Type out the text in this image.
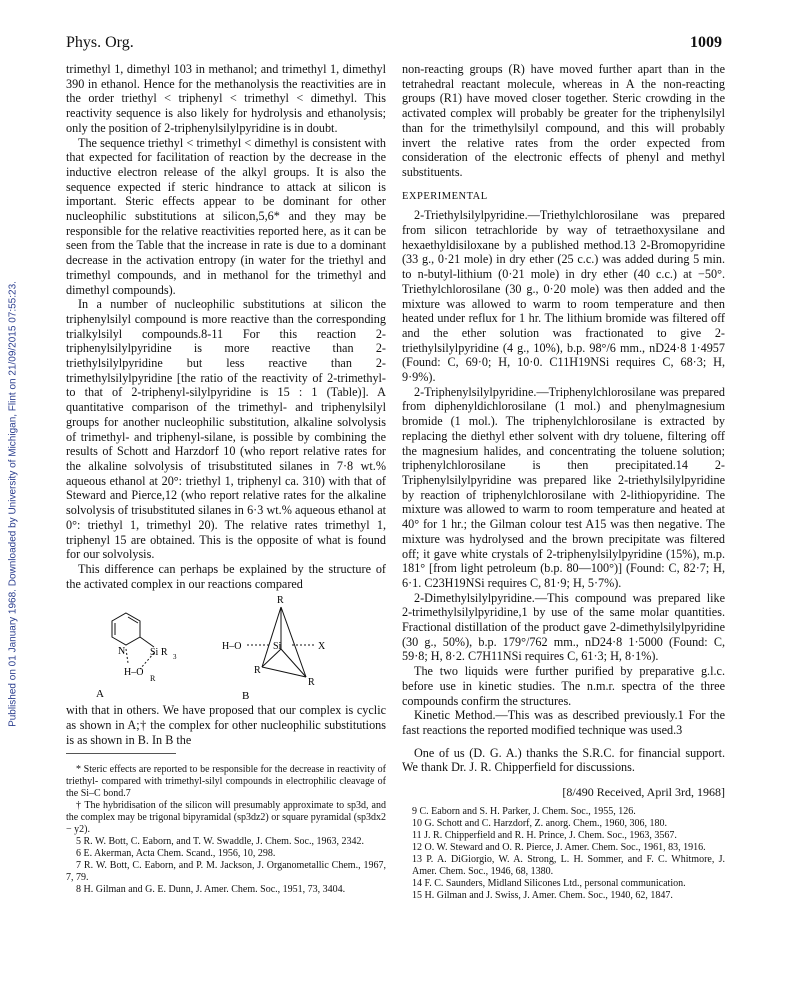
Phys. Org.	1009
Published on 01 January 1968. Downloaded by University of Michigan, Flint on 21/09/2015 07:55:23.

trimethyl 1, dimethyl 103 in methanol; and trimethyl 1, dimethyl 390 in ethanol. Hence for the methanolysis the reactivities are in the order triethyl < triphenyl < trimethyl < dimethyl. This reactivity sequence is also likely for hydrolysis and ethanolysis; only the position of 2-triphenylsilylpyridine is in doubt.

The sequence triethyl < trimethyl < dimethyl is consistent with that expected for facilitation of reaction by the decrease in the inductive electron release of the alkyl groups. It is also the sequence expected if steric hindrance to attack at silicon is important. Steric effects appear to be dominant for other nucleophilic substitutions at silicon,5,6* and they may be responsible for the relative reactivities reported here, as it can be seen from the Table that the increase in rate is due to a dominant decrease in the activation entropy (in water for the triethyl and trimethyl compounds, and in methanol for the trimethyl and dimethyl compounds).

In a number of nucleophilic substitutions at silicon the triphenylsilyl compound is more reactive than the corresponding trialkylsilyl compounds.8-11 For this reaction 2-triphenylsilylpyridine is more reactive than 2-triethylsilylpyridine but less reactive than 2-trimethylsilylpyridine [the ratio of the reactivity of 2-trimethyl- to that of 2-triphenyl-silylpyridine is 15 : 1 (Table)]. A quantitative comparison of the trimethyl- and triphenylsilyl groups for another nucleophilic substitution, alkaline solvolysis of trimethyl- and triphenyl-silane, is possible by combining the results of Schott and Harzdorf 10 (who report relative rates for the alkaline solvolysis of trisubstituted silanes in 7·8 wt.% aqueous ethanol at 20°: triethyl 1, triphenyl ca. 310) with that of Steward and Pierce,12 (who report relative rates for the alkaline solvolysis of trisubstituted silanes in 6·3 wt.% aqueous ethanol at 0°: triethyl 1, trimethyl 20). The relative rates trimethyl 1, triphenyl 15 are obtained. This is the opposite of what is found for our solvolysis.

This difference can perhaps be explained by the structure of the activated complex in our reactions compared

N Si R 3
H–O
R
A
R
H–O	Si	X
R
R
B

with that in others. We have proposed that our complex is cyclic as shown in A;† the complex for other nucleophilic substitutions is as shown in B. In B the

* Steric effects are reported to be responsible for the decrease in reactivity of triethyl- compared with trimethyl-silyl compounds in electrophilic cleavage of the Si–C bond.7

† The hybridisation of the silicon will presumably approximate to sp3d, and the complex may be trigonal bipyramidal (sp3dz2) or square pyramidal (sp3dx2 − y2).

5 R. W. Bott, C. Eaborn, and T. W. Swaddle, J. Chem. Soc., 1963, 2342.

6 E. Akerman, Acta Chem. Scand., 1956, 10, 298.

7 R. W. Bott, C. Eaborn, and P. M. Jackson, J. Organometallic Chem., 1967, 7, 79.

8 H. Gilman and G. E. Dunn, J. Amer. Chem. Soc., 1951, 73, 3404.

non-reacting groups (R) have moved further apart than in the tetrahedral reactant molecule, whereas in A the non-reacting groups (R1) have moved closer together. Steric crowding in the activated complex will probably be greater for the triphenylsilyl than for the trimethylsilyl compound, and this will probably invert the relative rates from the order expected from consideration of the electronic effects of phenyl and methyl substituents.

EXPERIMENTAL

2-Triethylsilylpyridine.—Triethylchlorosilane was prepared from silicon tetrachloride by way of tetraethoxysilane and hexaethyldisiloxane by a published method.13 2-Bromopyridine (33 g., 0·21 mole) in dry ether (25 c.c.) was added during 5 min. to n-butyl-lithium (0·21 mole) in dry ether (40 c.c.) at −50°. Triethylchlorosilane (30 g., 0·20 mole) was then added and the mixture was allowed to warm to room temperature and then heated under reflux for 1 hr. The lithium bromide was filtered off and the ether solution was fractionated to give 2-triethylsilylpyridine (4 g., 10%), b.p. 98°/6 mm., nD24·8 1·4957 (Found: C, 69·0; H, 10·0. C11H19NSi requires C, 68·3; H, 9·9%).

2-Triphenylsilylpyridine.—Triphenylchlorosilane was prepared from diphenyldichlorosilane (1 mol.) and phenylmagnesium bromide (1 mol.). The triphenylchlorosilane is extracted by replacing the diethyl ether solvent with dry toluene, filtering off the magnesium halides, and concentrating the toluene solution; triphenylchlorosilane is then precipitated.14 2-Triphenylsilylpyridine was prepared like 2-triethylsilylpyridine by reaction of triphenylchlorosilane with 2-lithiopyridine. The mixture was allowed to warm to room temperature and heated at 40° for 1 hr.; the Gilman colour test A15 was then negative. The mixture was hydrolysed and the brown precipitate was filtered off; it gave white crystals of 2-triphenylsilylpyridine (15%), m.p. 181° [from light petroleum (b.p. 80—100°)] (Found: C, 82·7; H, 6·1. C23H19NSi requires C, 81·9; H, 5·7%).

2-Dimethylsilylpyridine.—This compound was prepared like 2-trimethylsilylpyridine,1 by use of the same molar quantities. Fractional distillation of the product gave 2-dimethylsilylpyridine (30 g., 50%), b.p. 179°/762 mm., nD24·8 1·5000 (Found: C, 59·8; H, 8·2. C7H11NSi requires C, 61·3; H, 8·1%).

The two liquids were further purified by preparative g.l.c. before use in kinetic studies. The n.m.r. spectra of the three compounds confirm the structures.

Kinetic Method.—This was as described previously.1 For the fast reactions the reported modified technique was used.3

One of us (D. G. A.) thanks the S.R.C. for financial support. We thank Dr. J. R. Chipperfield for discussions.

[8/490 Received, April 3rd, 1968]

9 C. Eaborn and S. H. Parker, J. Chem. Soc., 1955, 126.

10 G. Schott and C. Harzdorf, Z. anorg. Chem., 1960, 306, 180.

11 J. R. Chipperfield and R. H. Prince, J. Chem. Soc., 1963, 3567.

12 O. W. Steward and O. R. Pierce, J. Amer. Chem. Soc., 1961, 83, 1916.

13 P. A. DiGiorgio, W. A. Strong, L. H. Sommer, and F. C. Whitmore, J. Amer. Chem. Soc., 1946, 68, 1380.

14 F. C. Saunders, Midland Silicones Ltd., personal communication.

15 H. Gilman and J. Swiss, J. Amer. Chem. Soc., 1940, 62, 1847.
